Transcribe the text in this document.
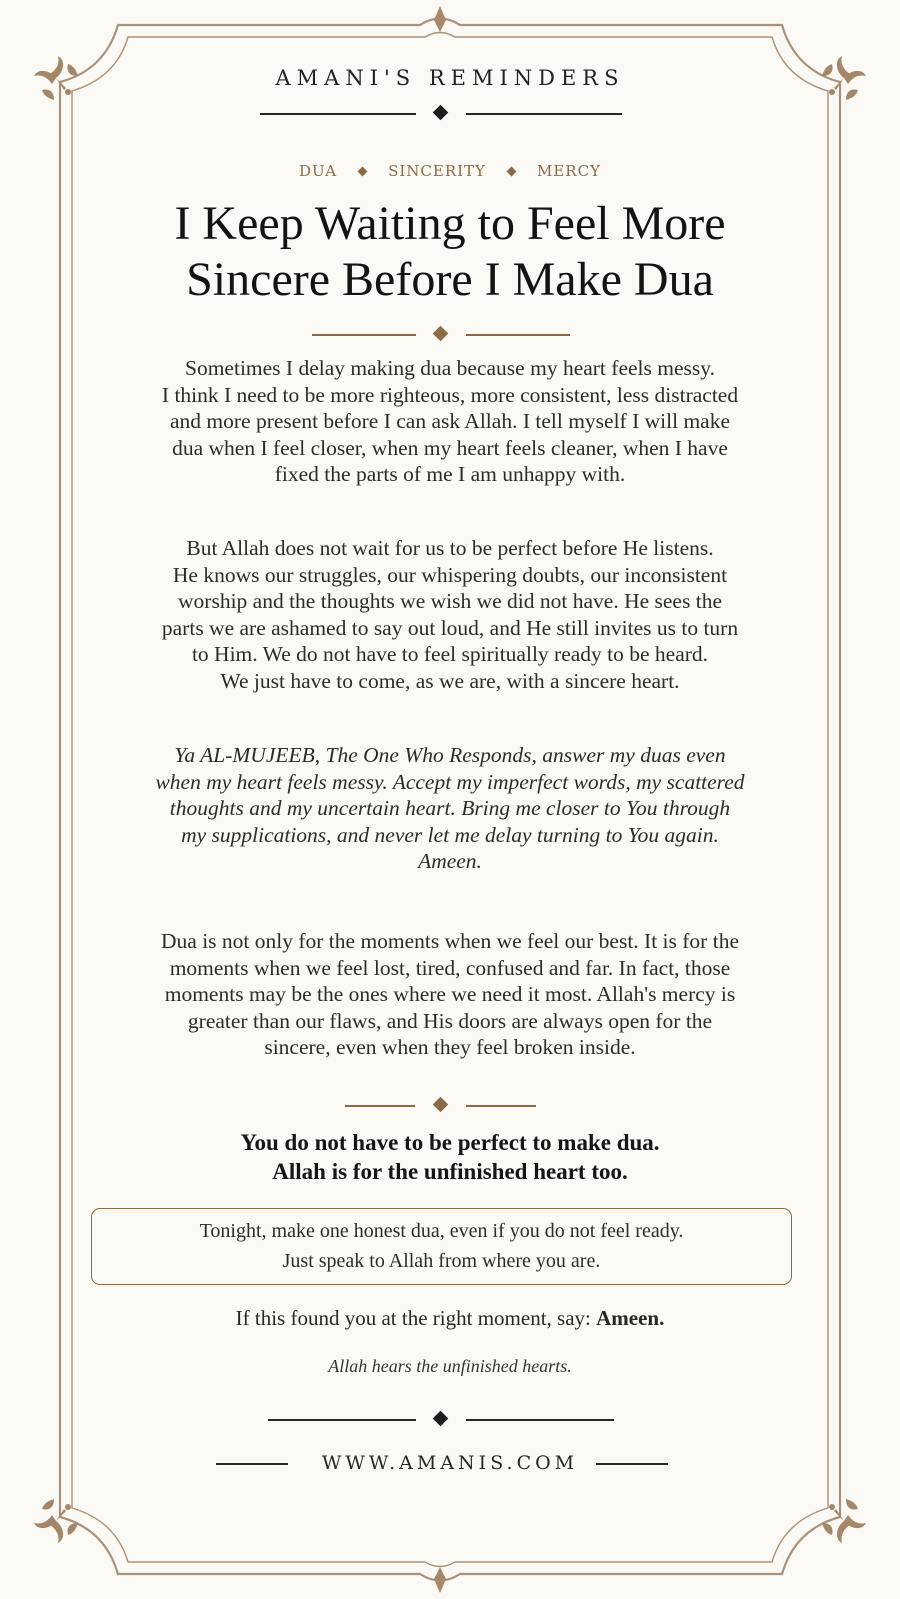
AMANI'S REMINDERS
DUA	SINCERITY	MERCY
I Keep Waiting to Feel More
Sincere Before I Make Dua
Sometimes I delay making dua because my heart feels messy.
I think I need to be more righteous, more consistent, less distracted
and more present before I can ask Allah. I tell myself I will make
dua when I feel closer, when my heart feels cleaner, when I have
fixed the parts of me I am unhappy with.
But Allah does not wait for us to be perfect before He listens.
He knows our struggles, our whispering doubts, our inconsistent
worship and the thoughts we wish we did not have. He sees the
parts we are ashamed to say out loud, and He still invites us to turn
to Him. We do not have to feel spiritually ready to be heard.
We just have to come, as we are, with a sincere heart.
Ya AL-MUJEEB, The One Who Responds, answer my duas even
when my heart feels messy. Accept my imperfect words, my scattered
thoughts and my uncertain heart. Bring me closer to You through
my supplications, and never let me delay turning to You again.
Ameen.
Dua is not only for the moments when we feel our best. It is for the
moments when we feel lost, tired, confused and far. In fact, those
moments may be the ones where we need it most. Allah's mercy is
greater than our flaws, and His doors are always open for the
sincere, even when they feel broken inside.
You do not have to be perfect to make dua.
Allah is for the unfinished heart too.
Tonight, make one honest dua, even if you do not feel ready.
Just speak to Allah from where you are.
If this found you at the right moment, say: Ameen.
Allah hears the unfinished hearts.
WWW.AMANIS.COM
